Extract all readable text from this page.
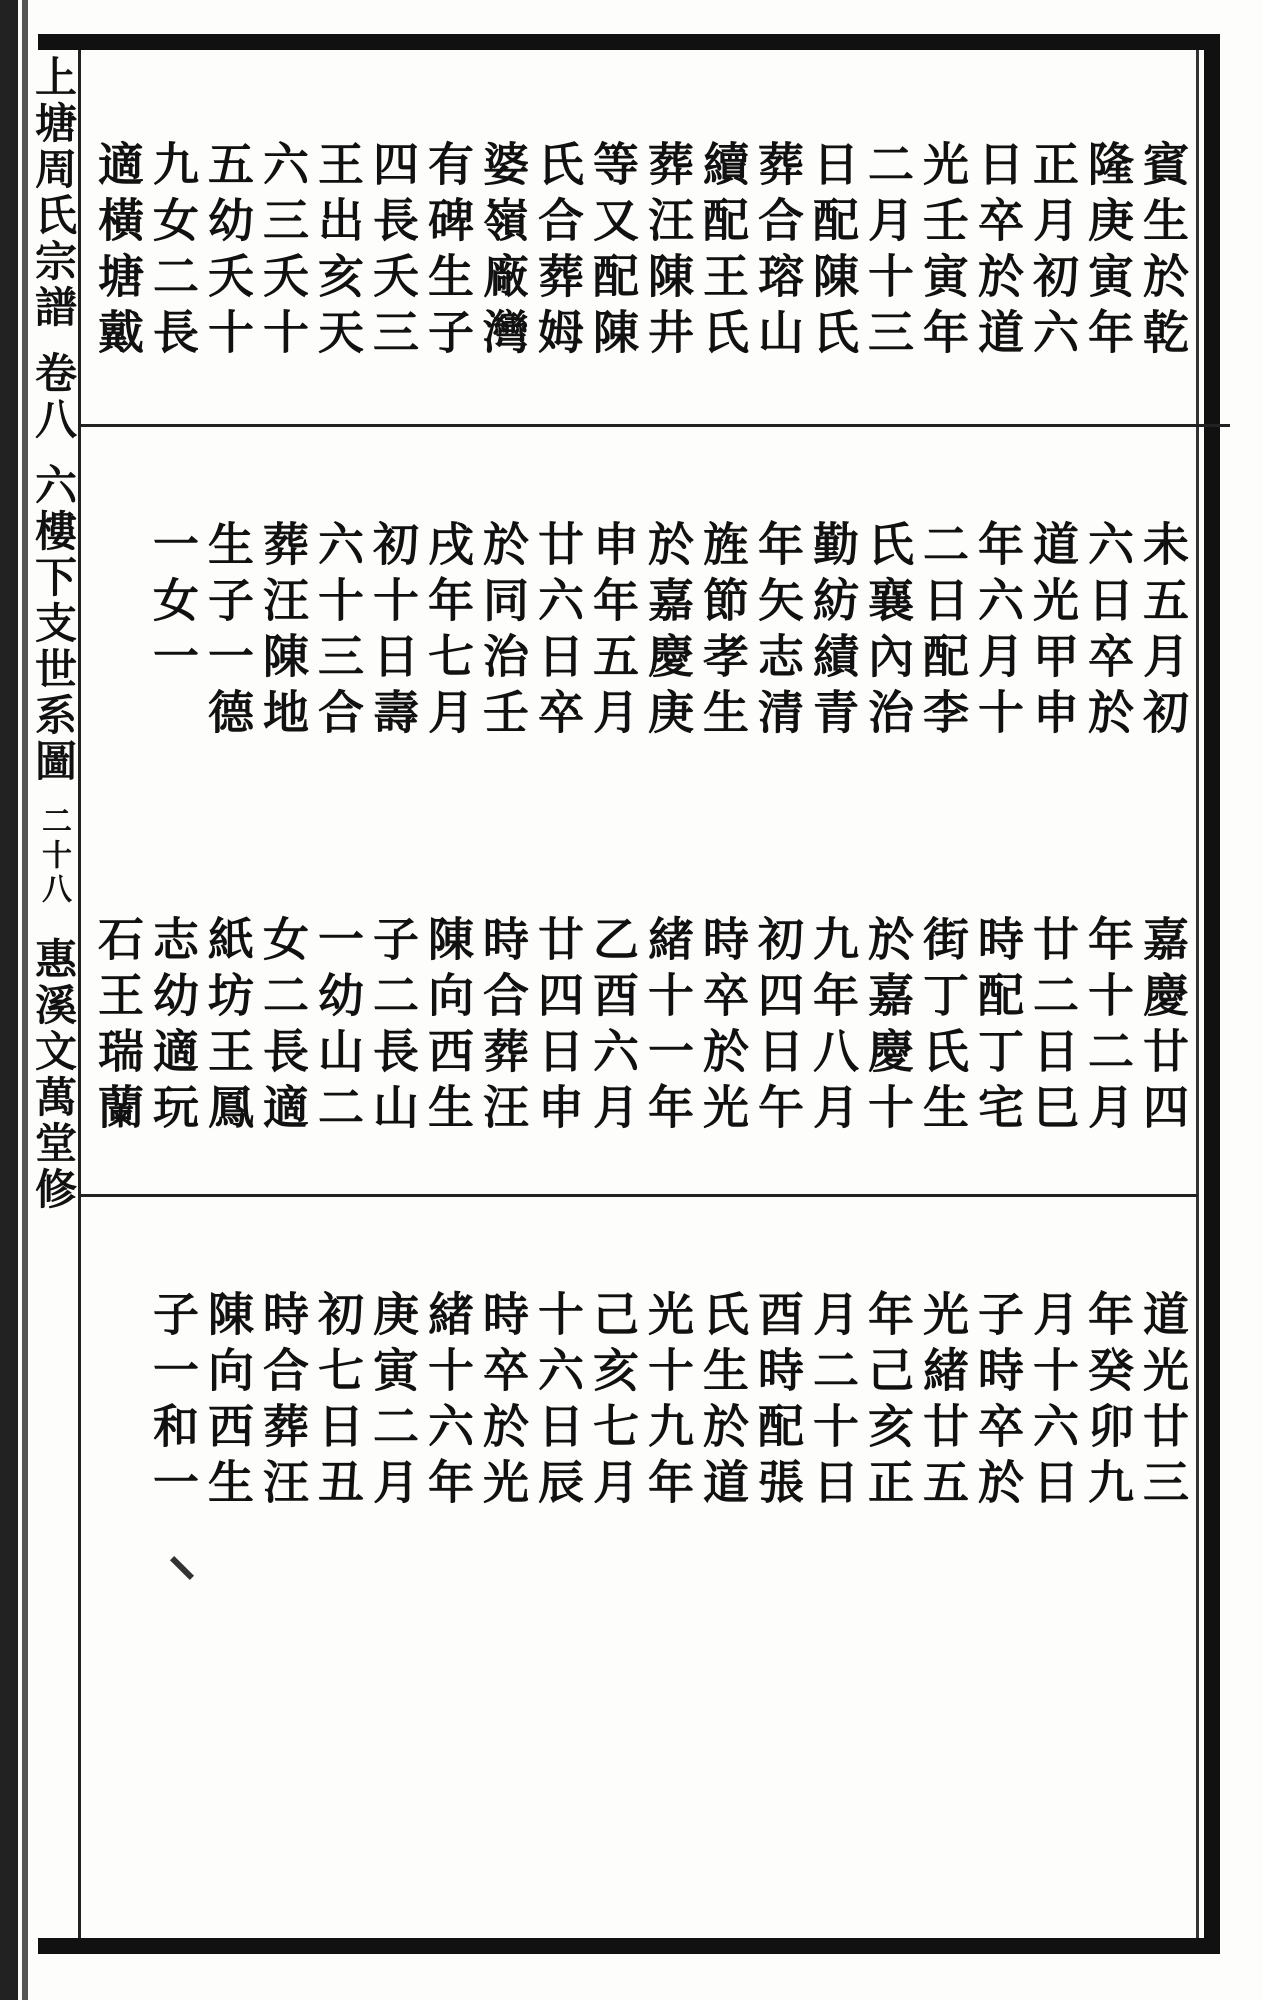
上塘周氏宗譜
卷八
六樓下支世系圖
二十八
惠溪文萬堂修
賓生於乾
隆庚寅年
正月初六
日卒於道
光壬寅年
二月十三
日配陳氏
葬合瑢山
續配王氏
葬汪陳井
等又配陳
氏合葬姆
婆嶺廠灣
有碑生子
四長夭三
王出亥天
六三夭十
五幼夭十
九女二長
適橫塘戴
未五月初
六日卒於
道光甲申
年六月十
二日配李
氏襄內治
勤紡績青
年矢志清
旌節孝生
於嘉慶庚
申年五月
廿六日卒
於同治壬
戌年七月
初十日壽
六十三合
葬汪陳地
生子一德
一女一
嘉慶廿四
年十二月
廿二日巳
時配丁宅
街丁氏生
於嘉慶十
九年八月
初四日午
時卒於光
緒十一年
乙酉六月
廿四日申
時合葬汪
陳向西生
子二長山
一幼山二
女二長適
紙坊王鳳
志幼適玩
石王瑞蘭
道光廿三
年癸卯九
月十六日
子時卒於
光緒廿五
年己亥正
月二十日
酉時配張
氏生於道
光十九年
己亥七月
十六日辰
時卒於光
緒十六年
庚寅二月
初七日丑
時合葬汪
陳向西生
子一和一
